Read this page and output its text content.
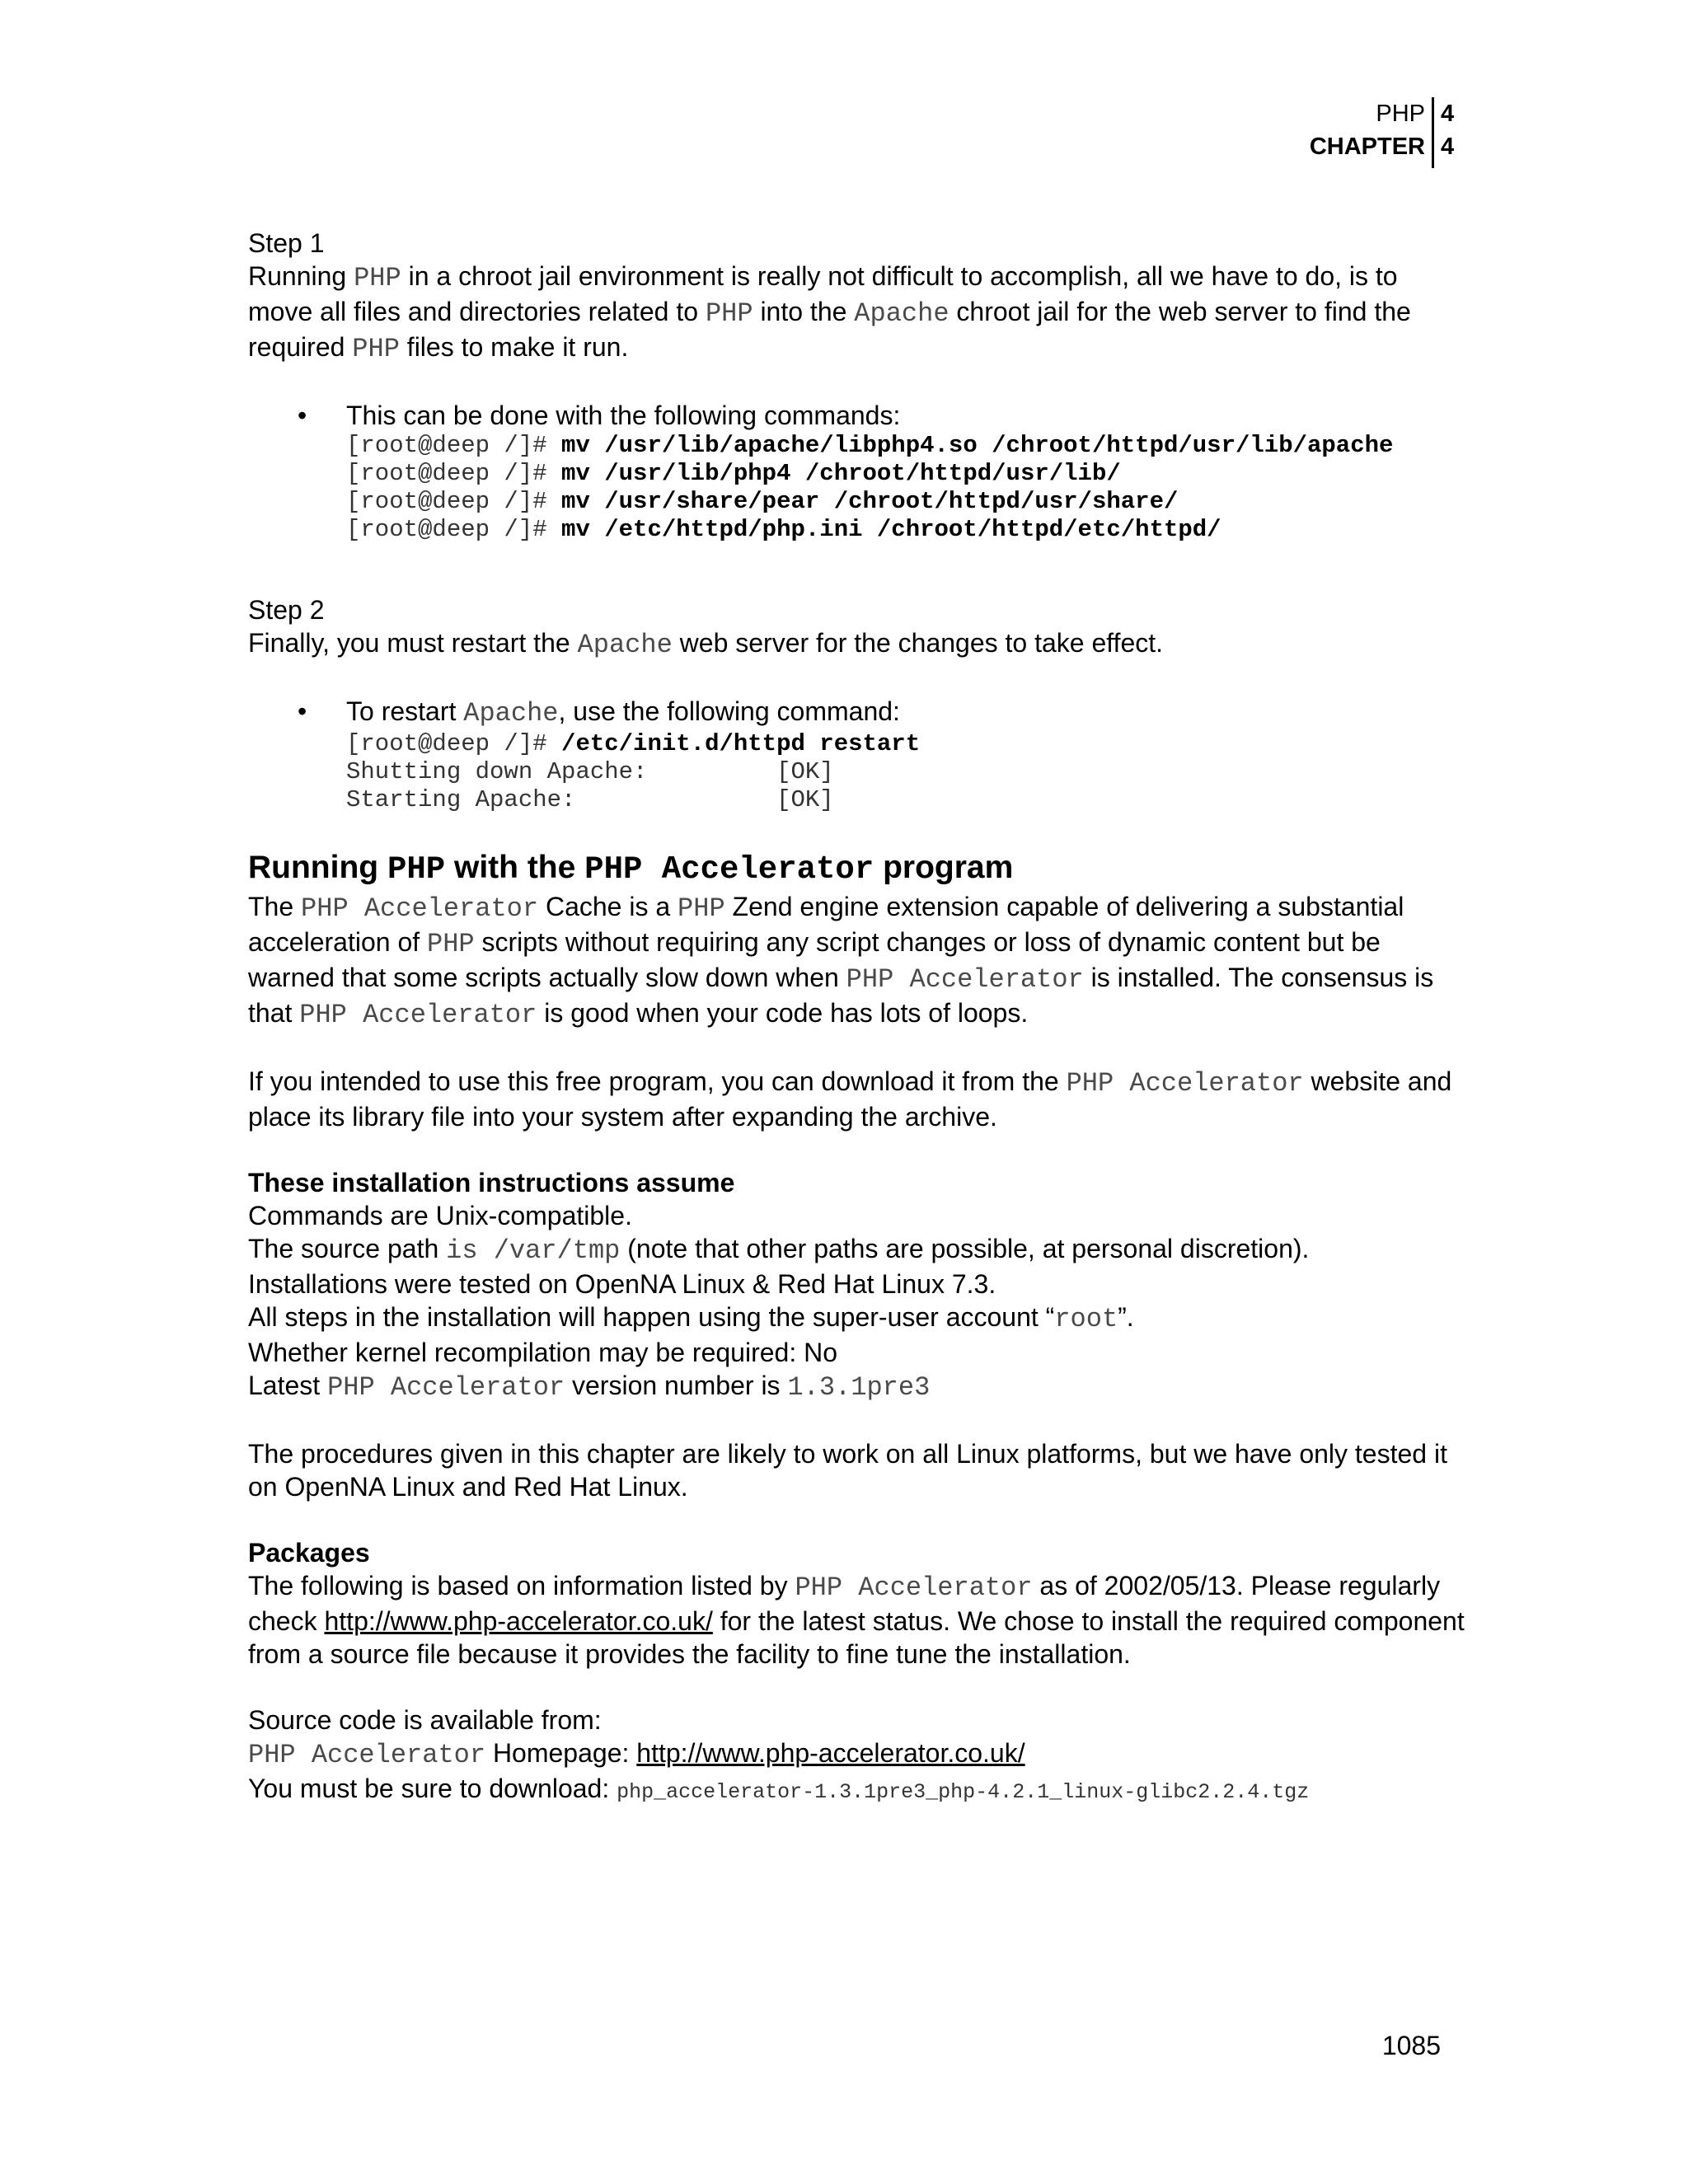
PHP 4
CHAPTER 4

Step 1

Running PHP in a chroot jail environment is really not difficult to accomplish, all we have to do, is to move all files and directories related to PHP into the Apache chroot jail for the web server to find the required PHP files to make it run.

• This can be done with the following commands:

[root@deep /]# mv /usr/lib/apache/libphp4.so /chroot/httpd/usr/lib/apache
[root@deep /]# mv /usr/lib/php4 /chroot/httpd/usr/lib/
[root@deep /]# mv /usr/share/pear /chroot/httpd/usr/share/
[root@deep /]# mv /etc/httpd/php.ini /chroot/httpd/etc/httpd/

Step 2

Finally, you must restart the Apache web server for the changes to take effect.

• To restart Apache, use the following command:

[root@deep /]# /etc/init.d/httpd restart
Shutting down Apache:         [OK]
Starting Apache:              [OK]

Running PHP with the PHP Accelerator program

The PHP Accelerator Cache is a PHP Zend engine extension capable of delivering a substantial acceleration of PHP scripts without requiring any script changes or loss of dynamic content but be warned that some scripts actually slow down when PHP Accelerator is installed. The consensus is that PHP Accelerator is good when your code has lots of loops.

If you intended to use this free program, you can download it from the PHP Accelerator website and place its library file into your system after expanding the archive.

These installation instructions assume

Commands are Unix-compatible.

The source path is /var/tmp (note that other paths are possible, at personal discretion).

Installations were tested on OpenNA Linux & Red Hat Linux 7.3.

All steps in the installation will happen using the super-user account “root”.

Whether kernel recompilation may be required: No

Latest PHP Accelerator version number is 1.3.1pre3

The procedures given in this chapter are likely to work on all Linux platforms, but we have only tested it on OpenNA Linux and Red Hat Linux.

Packages

The following is based on information listed by PHP Accelerator as of 2002/05/13. Please regularly check http://www.php-accelerator.co.uk/ for the latest status. We chose to install the required component from a source file because it provides the facility to fine tune the installation.

Source code is available from:

PHP Accelerator Homepage: http://www.php-accelerator.co.uk/

You must be sure to download: php_accelerator-1.3.1pre3_php-4.2.1_linux-glibc2.2.4.tgz

1085
